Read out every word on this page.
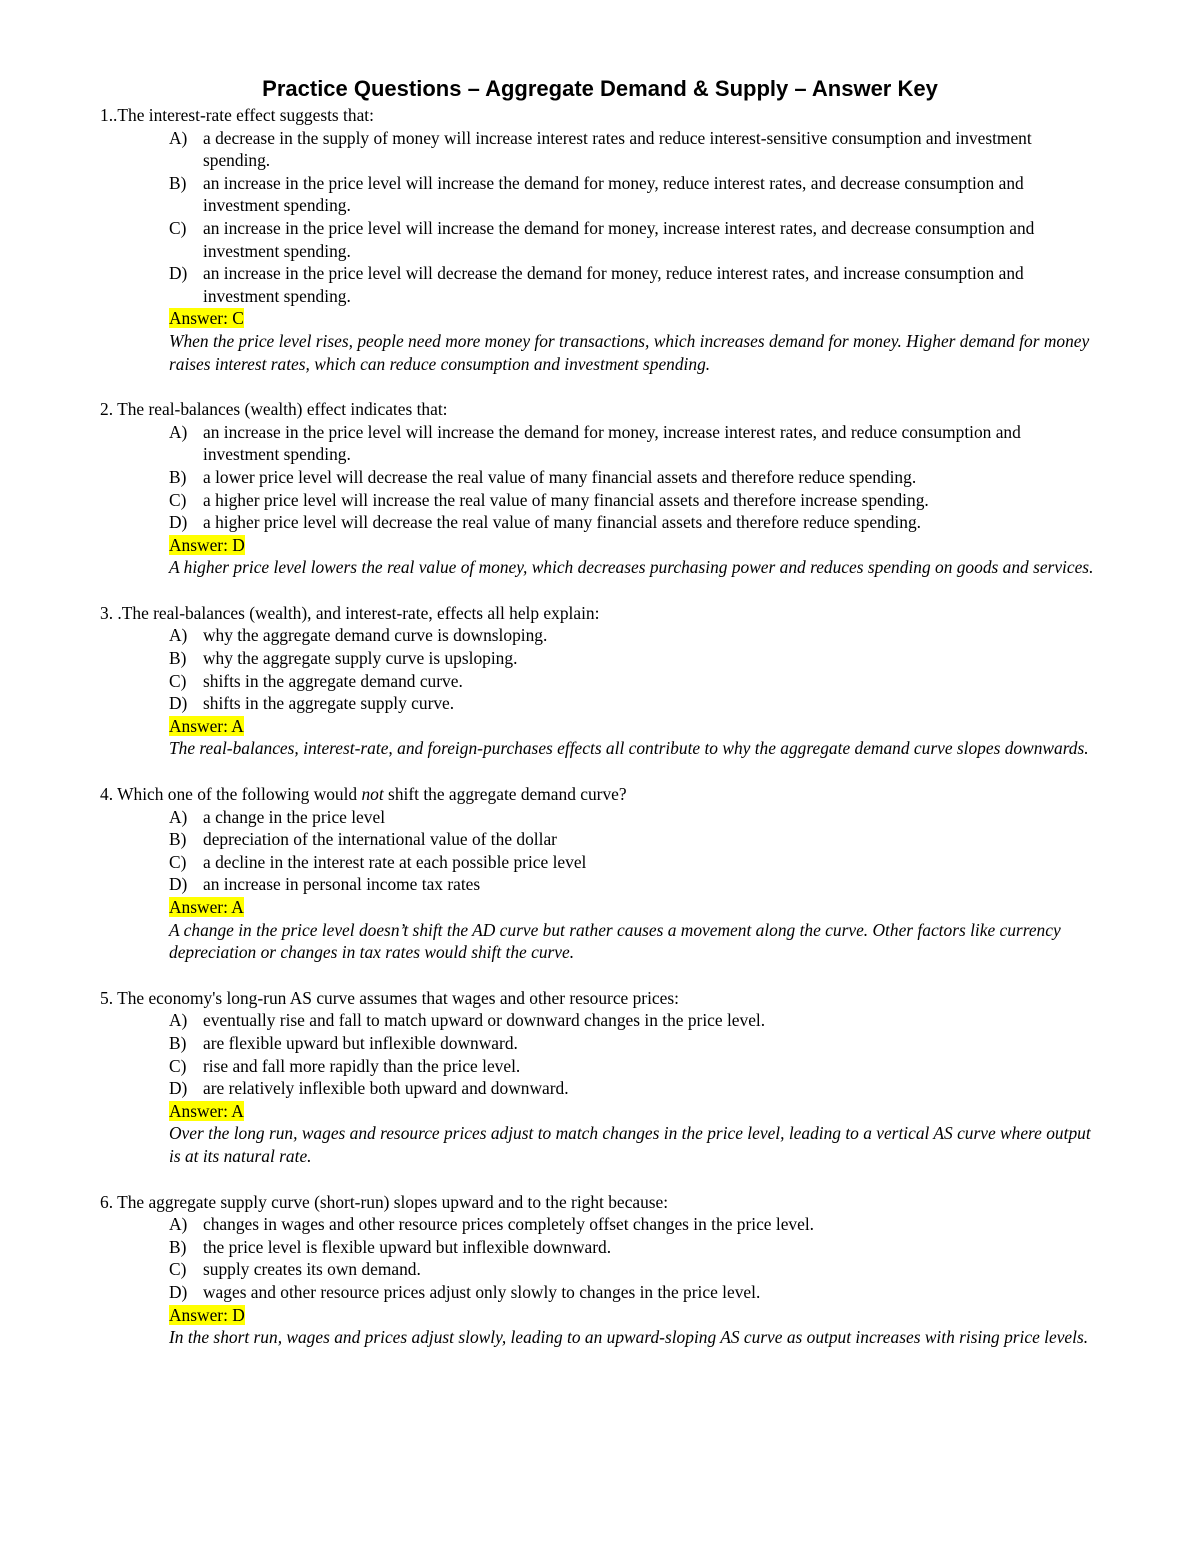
Practice Questions – Aggregate Demand & Supply – Answer Key

1..The interest-rate effect suggests that:

A) a decrease in the supply of money will increase interest rates and reduce interest-sensitive consumption and investment spending.
B) an increase in the price level will increase the demand for money, reduce interest rates, and decrease consumption and investment spending.
C) an increase in the price level will increase the demand for money, increase interest rates, and decrease consumption and investment spending.
D) an increase in the price level will decrease the demand for money, reduce interest rates, and increase consumption and investment spending.
Answer: C

When the price level rises, people need more money for transactions, which increases demand for money. Higher demand for money raises interest rates, which can reduce consumption and investment spending.

2. The real-balances (wealth) effect indicates that:

A) an increase in the price level will increase the demand for money, increase interest rates, and reduce consumption and investment spending.
B) a lower price level will decrease the real value of many financial assets and therefore reduce spending.
C) a higher price level will increase the real value of many financial assets and therefore increase spending.
D) a higher price level will decrease the real value of many financial assets and therefore reduce spending.
Answer: D

A higher price level lowers the real value of money, which decreases purchasing power and reduces spending on goods and services.

3. .The real-balances (wealth), and interest-rate, effects all help explain:

A) why the aggregate demand curve is downsloping.
B) why the aggregate supply curve is upsloping.
C) shifts in the aggregate demand curve.
D) shifts in the aggregate supply curve.
Answer: A

The real-balances, interest-rate, and foreign-purchases effects all contribute to why the aggregate demand curve slopes downwards.

4. Which one of the following would not shift the aggregate demand curve?

A) a change in the price level
B) depreciation of the international value of the dollar
C) a decline in the interest rate at each possible price level
D) an increase in personal income tax rates
Answer: A

A change in the price level doesn’t shift the AD curve but rather causes a movement along the curve. Other factors like currency depreciation or changes in tax rates would shift the curve.

5. The economy's long-run AS curve assumes that wages and other resource prices:

A) eventually rise and fall to match upward or downward changes in the price level.
B) are flexible upward but inflexible downward.
C) rise and fall more rapidly than the price level.
D) are relatively inflexible both upward and downward.
Answer: A

Over the long run, wages and resource prices adjust to match changes in the price level, leading to a vertical AS curve where output is at its natural rate.

6. The aggregate supply curve (short-run) slopes upward and to the right because:

A) changes in wages and other resource prices completely offset changes in the price level.
B) the price level is flexible upward but inflexible downward.
C) supply creates its own demand.
D) wages and other resource prices adjust only slowly to changes in the price level.
Answer: D

In the short run, wages and prices adjust slowly, leading to an upward-sloping AS curve as output increases with rising price levels.
